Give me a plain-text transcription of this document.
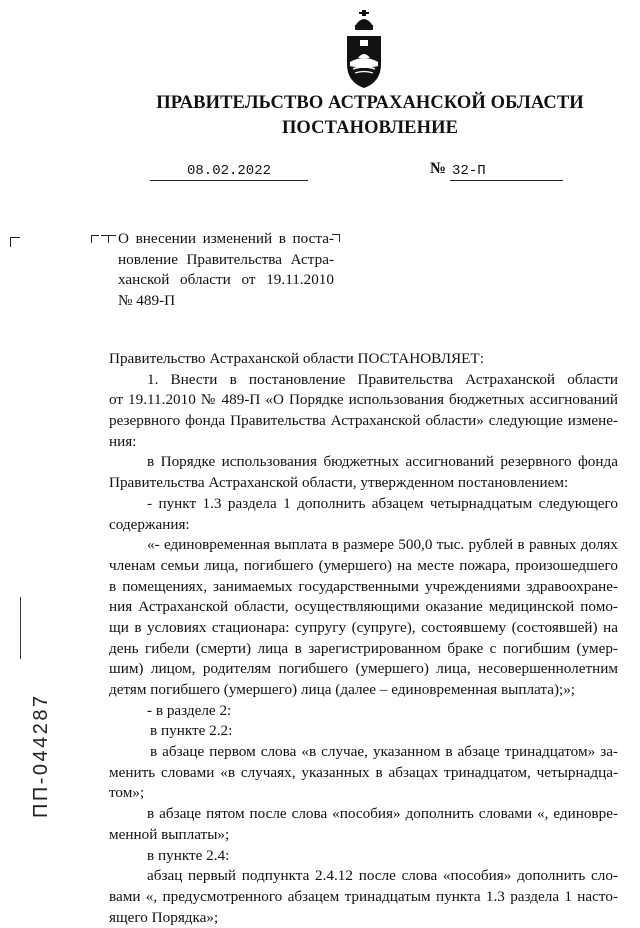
ПРАВИТЕЛЬСТВО АСТРАХАНСКОЙ ОБЛАСТИ
ПОСТАНОВЛЕНИЕ
08.02.2022	№ 32-П
О внесении изменений в поста-
новление Правительства Астра-
ханской области от 19.11.2010
№ 489-П
Правительство Астраханской области ПОСТАНОВЛЯЕТ:
1. Внести в постановление Правительства Астраханской области
от 19.11.2010 № 489-П «О Порядке использования бюджетных ассигнований
резервного фонда Правительства Астраханской области» следующие измене-
ния:
в Порядке использования бюджетных ассигнований резервного фонда
Правительства Астраханской области, утвержденном постановлением:
- пункт 1.3 раздела 1 дополнить абзацем четырнадцатым следующего
содержания:
«- единовременная выплата в размере 500,0 тыс. рублей в равных долях
членам семьи лица, погибшего (умершего) на месте пожара, произошедшего
в помещениях, занимаемых государственными учреждениями здравоохране-
ния Астраханской области, осуществляющими оказание медицинской помо-
щи в условиях стационара: супругу (супруге), состоявшему (состоявшей) на
день гибели (смерти) лица в зарегистрированном браке с погибшим (умер-
шим) лицом, родителям погибшего (умершего) лица, несовершеннолетним
детям погибшего (умершего) лица (далее – единовременная выплата);»;
- в разделе 2:
в пункте 2.2:
в абзаце первом слова «в случае, указанном в абзаце тринадцатом» за-
менить словами «в случаях, указанных в абзацах тринадцатом, четырнадца-
том»;
в абзаце пятом после слова «пособия» дополнить словами «, единовре-
менной выплаты»;
в пункте 2.4:
абзац первый подпункта 2.4.12 после слова «пособия» дополнить сло-
вами «, предусмотренного абзацем тринадцатым пункта 1.3 раздела 1 насто-
ящего Порядка»;
ПП-044287
